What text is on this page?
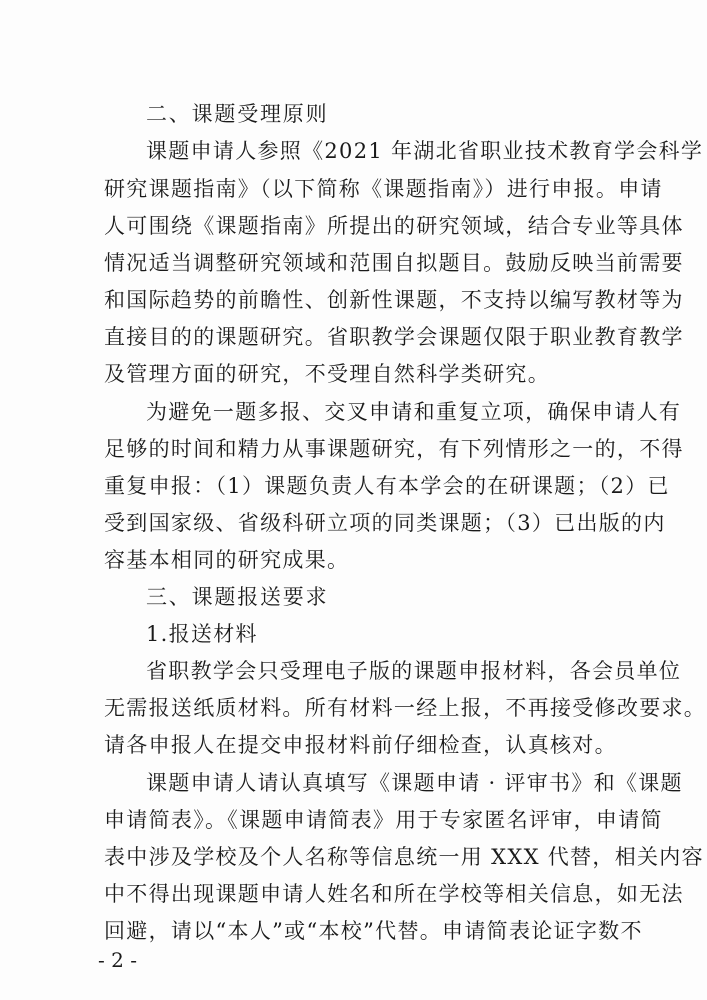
二、课题受理原则
课题申请人参照《2021 年湖北省职业技术教育学会科学
研究课题指南》（以下简称《课题指南》）进行申报。申请
人可围绕《课题指南》所提出的研究领域，结合专业等具体
情况适当调整研究领域和范围自拟题目。鼓励反映当前需要
和国际趋势的前瞻性、创新性课题，不支持以编写教材等为
直接目的的课题研究。省职教学会课题仅限于职业教育教学
及管理方面的研究，不受理自然科学类研究。
为避免一题多报、交叉申请和重复立项，确保申请人有
足够的时间和精力从事课题研究，有下列情形之一的，不得
重复申报：（1）课题负责人有本学会的在研课题；（2）已
受到国家级、省级科研立项的同类课题；（3）已出版的内
容基本相同的研究成果。
三、课题报送要求
1.报送材料
省职教学会只受理电子版的课题申报材料，各会员单位
无需报送纸质材料。所有材料一经上报，不再接受修改要求。
请各申报人在提交申报材料前仔细检查，认真核对。
课题申请人请认真填写《课题申请 · 评审书》和《课题
申请简表》。《课题申请简表》用于专家匿名评审，申请简
表中涉及学校及个人名称等信息统一用 XXX 代替，相关内容
中不得出现课题申请人姓名和所在学校等相关信息，如无法
回避，请以“本人”或“本校”代替。申请简表论证字数不
- 2 -
